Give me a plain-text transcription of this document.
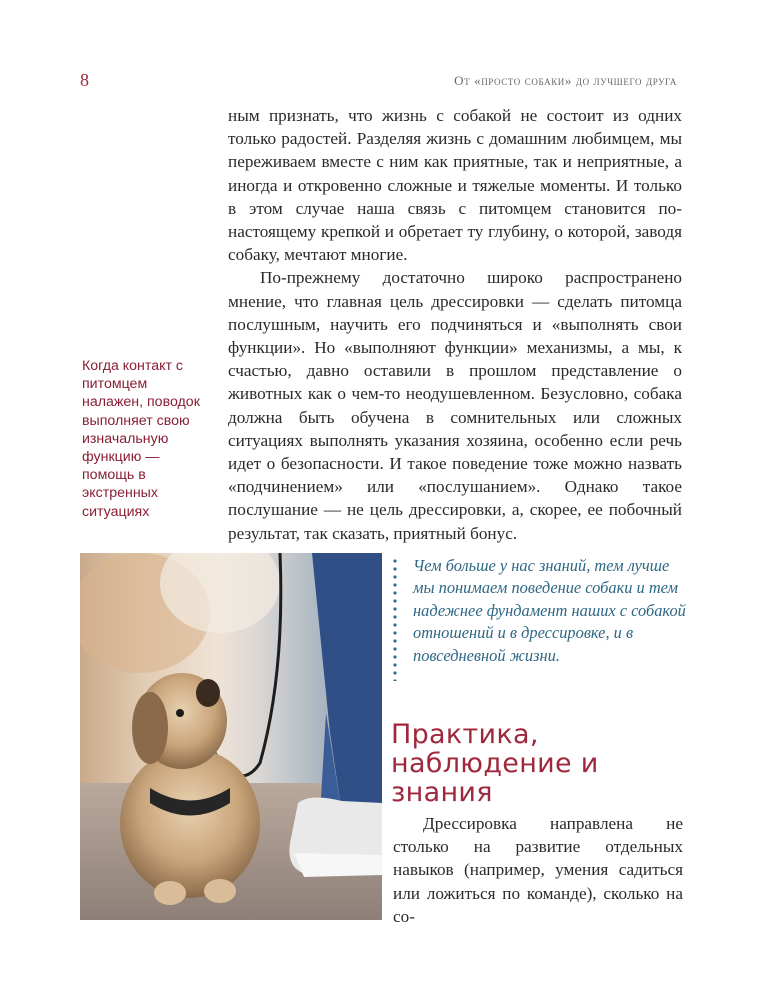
8	От «просто собаки» до лучшего друга

ным признать, что жизнь с собакой не состоит из одних только радостей. Разделяя жизнь с домашним любимцем, мы переживаем вместе с ним как приятные, так и неприятные, а иногда и откровенно сложные и тяжелые моменты. И только в этом случае наша связь с питомцем становится по-настоящему крепкой и обретает ту глубину, о которой, заводя собаку, мечтают многие.

По-прежнему достаточно широко распространено мнение, что главная цель дрессировки — сделать питомца послушным, научить его подчиняться и «выполнять свои функции». Но «выполняют функции» механизмы, а мы, к счастью, давно оставили в прошлом представление о животных как о чем-то неодушевленном. Безусловно, собака должна быть обучена в сомнительных или сложных ситуациях выполнять указания хозяина, особенно если речь идет о безопасности. И такое поведение тоже можно назвать «подчинением» или «послушанием». Однако такое послушание — не цель дрессировки, а, скорее, ее побочный результат, так сказать, приятный бонус.

Когда контакт с питомцем налажен, поводок выполняет свою изначальную функцию — помощь в экстренных ситуациях

Чем больше у нас знаний, тем лучше мы понимаем поведение собаки и тем надежнее фундамент наших с собакой отношений и в дрессировке, и в повседневной жизни.

Практика, наблюдение и знания

Дрессировка направлена не столько на развитие отдельных навыков (например, умения садиться или ложиться по команде), сколько на со-
